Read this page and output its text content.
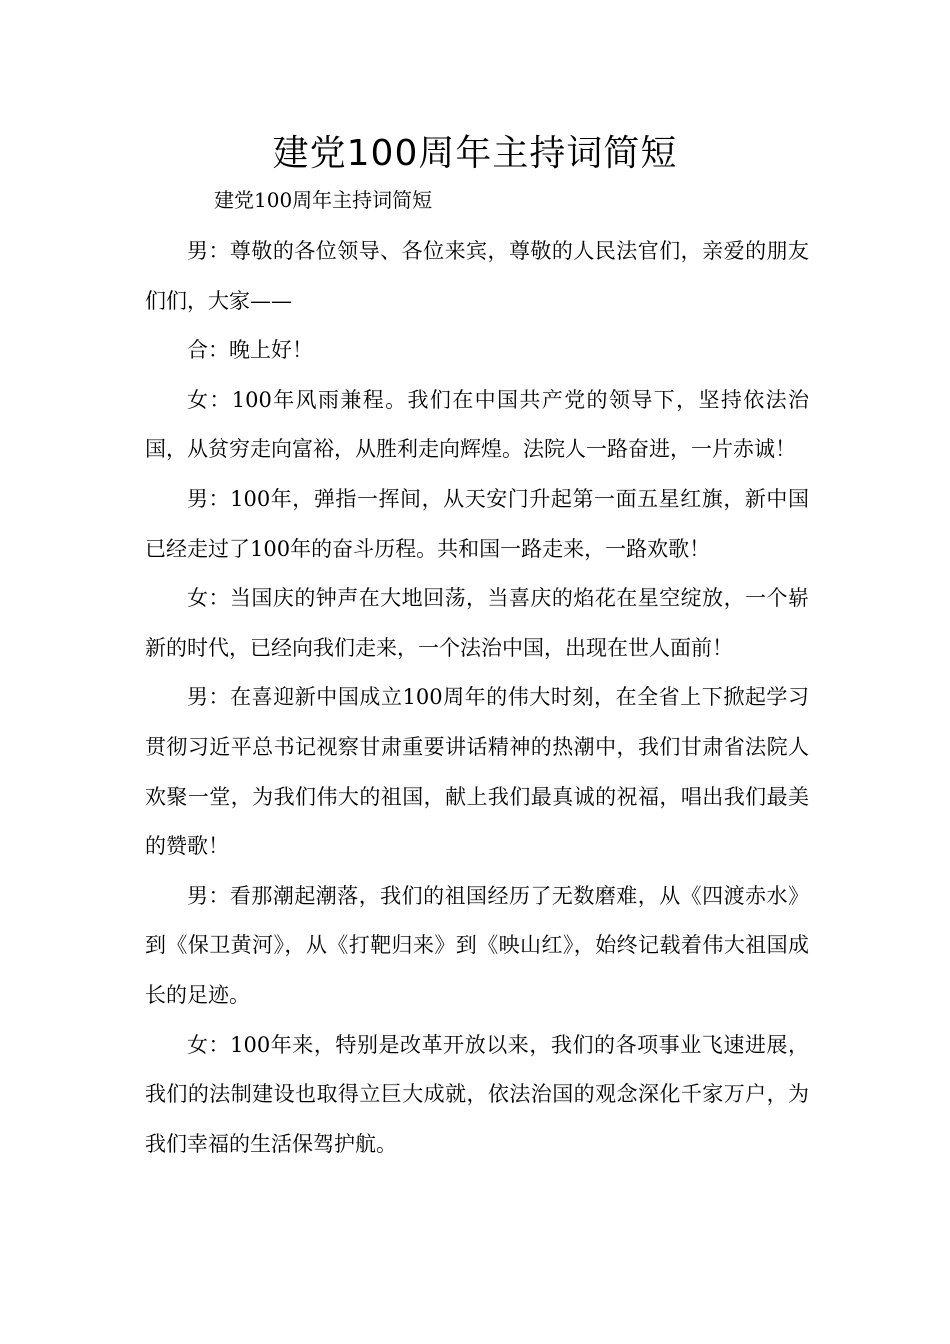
建党100周年主持词简短
建党100周年主持词简短

男：尊敬的各位领导、各位来宾，尊敬的人民法官们，亲爱的朋友们们，大家——

合：晚上好！

女：100年风雨兼程。我们在中国共产党的领导下，坚持依法治国，从贫穷走向富裕，从胜利走向辉煌。法院人一路奋进，一片赤诚！

男：100年，弹指一挥间，从天安门升起第一面五星红旗，新中国已经走过了100年的奋斗历程。共和国一路走来，一路欢歌！

女：当国庆的钟声在大地回荡，当喜庆的焰花在星空绽放，一个崭新的时代，已经向我们走来，一个法治中国，出现在世人面前！

男：在喜迎新中国成立100周年的伟大时刻，在全省上下掀起学习贯彻习近平总书记视察甘肃重要讲话精神的热潮中，我们甘肃省法院人欢聚一堂，为我们伟大的祖国，献上我们最真诚的祝福，唱出我们最美的赞歌！

男：看那潮起潮落，我们的祖国经历了无数磨难，从《四渡赤水》到《保卫黄河》，从《打靶归来》到《映山红》，始终记载着伟大祖国成长的足迹。

女：100年来，特别是改革开放以来，我们的各项事业飞速进展，我们的法制建设也取得立巨大成就，依法治国的观念深化千家万户，为我们幸福的生活保驾护航。
